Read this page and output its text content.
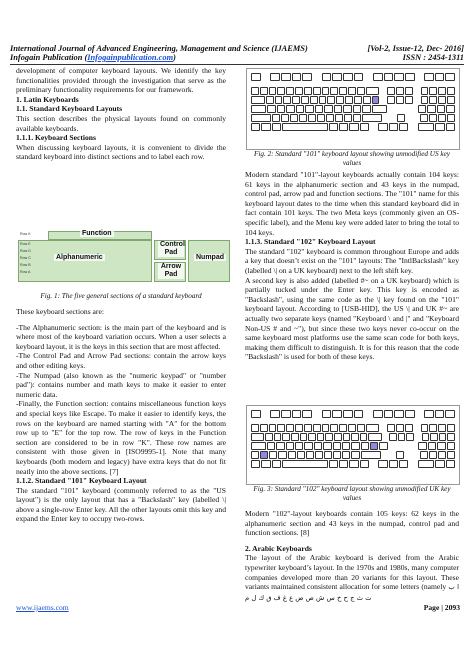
International Journal of Advanced Engineering, Management and Science (IJAEMS)	[Vol-2, Issue-12, Dec- 2016]
Infogain Publication (Infogainpublication.com)	ISSN : 2454-1311

development of computer keyboard layouts. We identify the key functionalities provided through the investigation that serve as the preliminary functionality requirements for our framework.

1. Latin Keyboards

1.1. Standard Keyboard Layouts

This section describes the physical layouts found on commonly available keyboards.

1.1.1. Keyboard Sections

When discussing keyboard layouts, it is convenient to divide the standard keyboard into distinct sections and to label each row.

Row K
Row E
Row D
Row C
Row B
Row A
Function
Control Pad
Alphanumeric
Arrow Pad
Numpad

Fig. 1: The five general sections of a standard keyboard

These keyboard sections are:

-The Alphanumeric section: is the main part of the keyboard and is where most of the keyboard variation occurs. When a user selects a keyboard layout, it is the keys in this section that are most affected.

-The Control Pad and Arrow Pad sections: contain the arrow keys and other editing keys.

-The Numpad (also known as the "numeric keypad" or "number pad"): contains number and math keys to make it easier to enter numeric data.

-Finally, the Function section: contains miscellaneous function keys and special keys like Escape. To make it easier to identify keys, the rows on the keyboard are named starting with "A" for the bottom row up to "E" for the top row. The row of keys in the Function section are considered to be in row "K". These row names are consistent with those given in [ISO9995-1]. Note that many keyboards (both modern and legacy) have extra keys that do not fit neatly into the above sections. [7]

1.1.2. Standard "101" Keyboard Layout

The standard "101" keyboard (commonly referred to as the "US layout") is the only layout that has a "Backslash" key (labelled \| above a single-row Enter key. All the other layouts omit this key and expand the Enter key to occupy two-rows.

Fig. 2: Standard "101" keyboard layout showing unmodified US key values

Modern standard "101"-layout keyboards actually contain 104 keys: 61 keys in the alphanumeric section and 43 keys in the numpad, control pad, arrow pad and function sections. The "101" name for this keyboard layout dates to the time when this standard keyboard did in fact contain 101 keys. The two Meta keys (commonly given an OS-specific label), and the Menu key were added later to bring the total to 104 keys.

1.1.3. Standard "102" Keyboard Layout

The standard "102" keyboard is common throughout Europe and adds a key that doesn’t exist on the "101" layouts: The "IntlBackslash" key (labelled \| on a UK keyboard) next to the left shift key.

A second key is also added (labelled #~ on a UK keyboard) which is partially tucked under the Enter key. This key is encoded as "Backslash", using the same code as the \| key found on the "101" keyboard layout. According to [USB-HID], the US \| and UK #~ are actually two separate keys (named "Keyboard \ and |" and "Keyboard Non-US # and ~"), but since these two keys never co-occur on the same keyboard most platforms use the same scan code for both keys, making them difficult to distinguish. It is for this reason that the code "Backslash" is used for both of these keys.

Fig. 3: Standard "102" keyboard layout showing unmodified UK key values

Modern "102"-layout keyboards contain 105 keys: 62 keys in the alphanumeric section and 43 keys in the numpad, control pad and function sections. [8]

2. Arabic Keyboards

The layout of the Arabic keyboard is derived from the Arabic typewriter keyboard’s layout. In the 1970s and 1980s, many computer companies developed more than 20 variants for this layout. These variants maintained consistent allocation for some letters (namely ا ب ت ث ج ح خ س ش ص ض ع غ ف ق ك ل م

www.ijaems.com	Page | 2093
